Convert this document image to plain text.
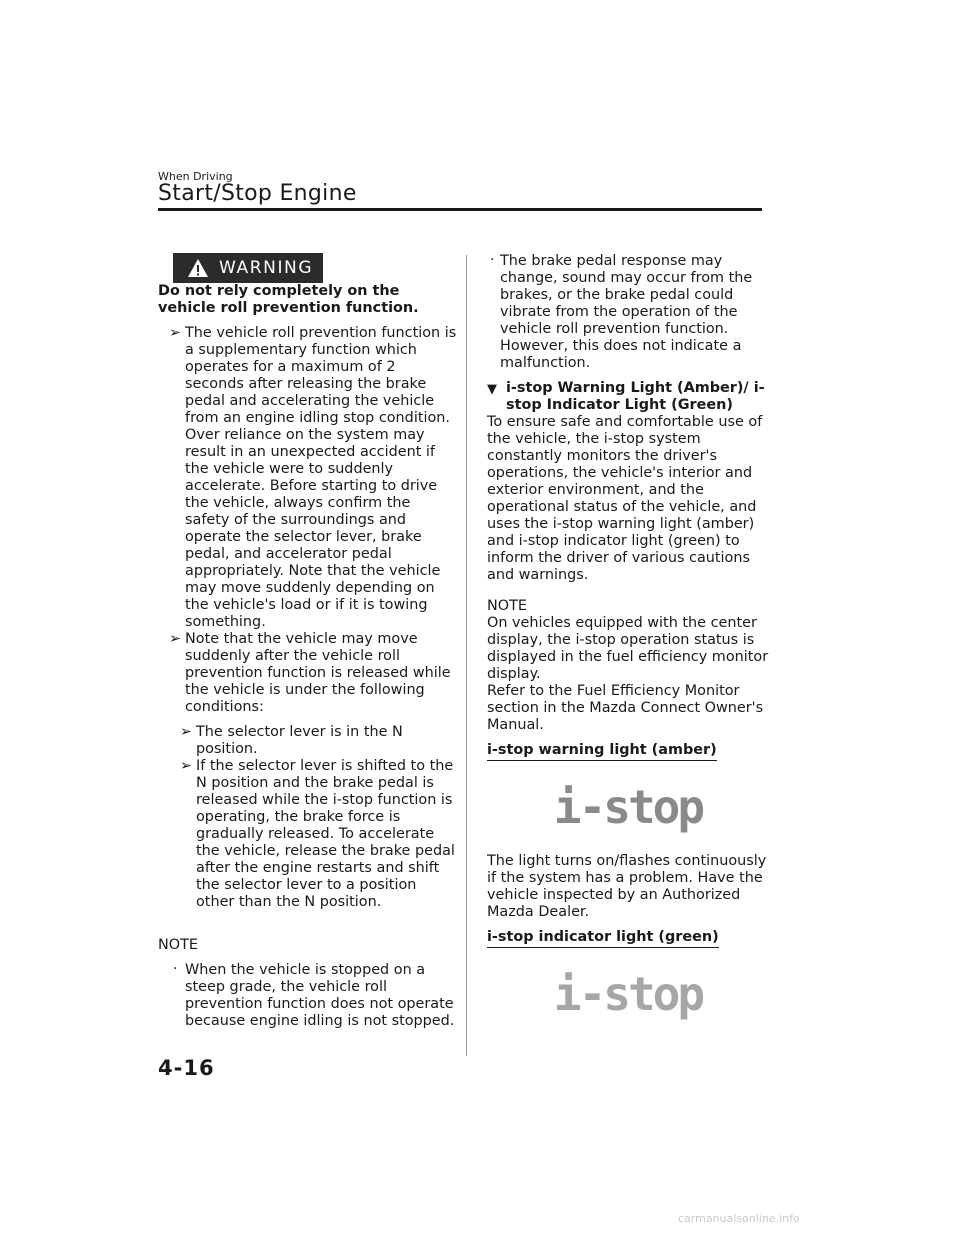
When Driving
Start/Stop Engine
WARNING

Do not rely completely on the vehicle roll prevention function.

➢ The vehicle roll prevention function is a supplementary function which operates for a maximum of 2 seconds after releasing the brake pedal and accelerating the vehicle from an engine idling stop condition. Over reliance on the system may result in an unexpected accident if the vehicle were to suddenly accelerate. Before starting to drive the vehicle, always confirm the safety of the surroundings and operate the selector lever, brake pedal, and accelerator pedal appropriately. Note that the vehicle may move suddenly depending on the vehicle's load or if it is towing something.
➢ Note that the vehicle may move suddenly after the vehicle roll prevention function is released while the vehicle is under the following conditions:
➢ The selector lever is in the N position.
➢ If the selector lever is shifted to the N position and the brake pedal is released while the i-stop function is operating, the brake force is gradually released. To accelerate the vehicle, release the brake pedal after the engine restarts and shift the selector lever to a position other than the N position.

NOTE

· When the vehicle is stopped on a steep grade, the vehicle roll prevention function does not operate because engine idling is not stopped.
· The brake pedal response may change, sound may occur from the brakes, or the brake pedal could vibrate from the operation of the vehicle roll prevention function. However, this does not indicate a malfunction.
▼ i-stop Warning Light (Amber)/ i-stop Indicator Light (Green)

To ensure safe and comfortable use of the vehicle, the i-stop system constantly monitors the driver's operations, the vehicle's interior and exterior environment, and the operational status of the vehicle, and uses the i-stop warning light (amber) and i-stop indicator light (green) to inform the driver of various cautions and warnings.

NOTE

On vehicles equipped with the center display, the i-stop operation status is displayed in the fuel efficiency monitor display.

Refer to the Fuel Efficiency Monitor section in the Mazda Connect Owner's Manual.

i-stop warning light (amber)
i-stop

The light turns on/flashes continuously if the system has a problem. Have the vehicle inspected by an Authorized Mazda Dealer.

i-stop indicator light (green)
i-stop
4-16
carmanualsonline.info
